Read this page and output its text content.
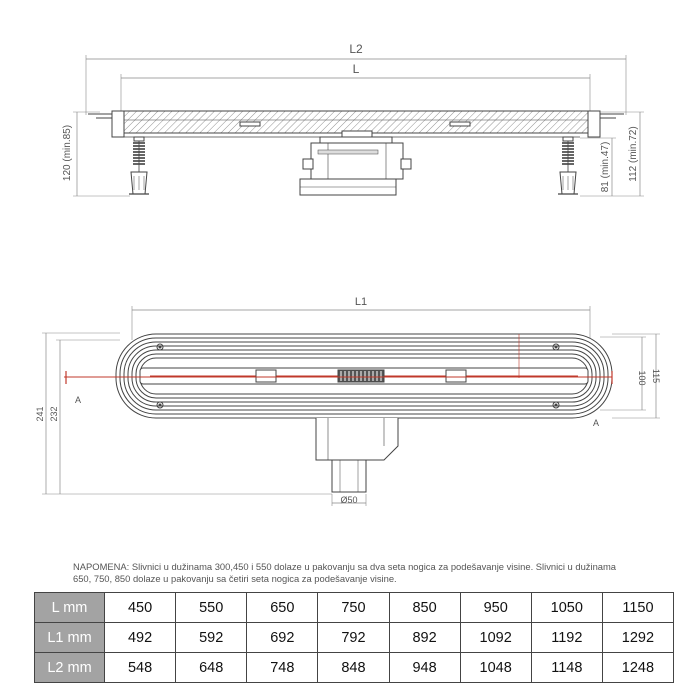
L2
L
120 (min.85)	81 (min.47) 112 (min.72)
L1
A
A
Ø50
241 232
100 115

NAPOMENA: Slivnici u dužinama 300,450 i 550 dolaze u pakovanju sa dva seta nogica za podešavanje visine. Slivnici u dužinama 650, 750, 850 dolaze u pakovanju sa četiri seta nogica za podešavanje visine.

L mm	450	550	650	750	850	950	1050	1150
L1 mm	492	592	692	792	892	1092	1192	1292
L2 mm	548	648	748	848	948	1048	1148	1248
